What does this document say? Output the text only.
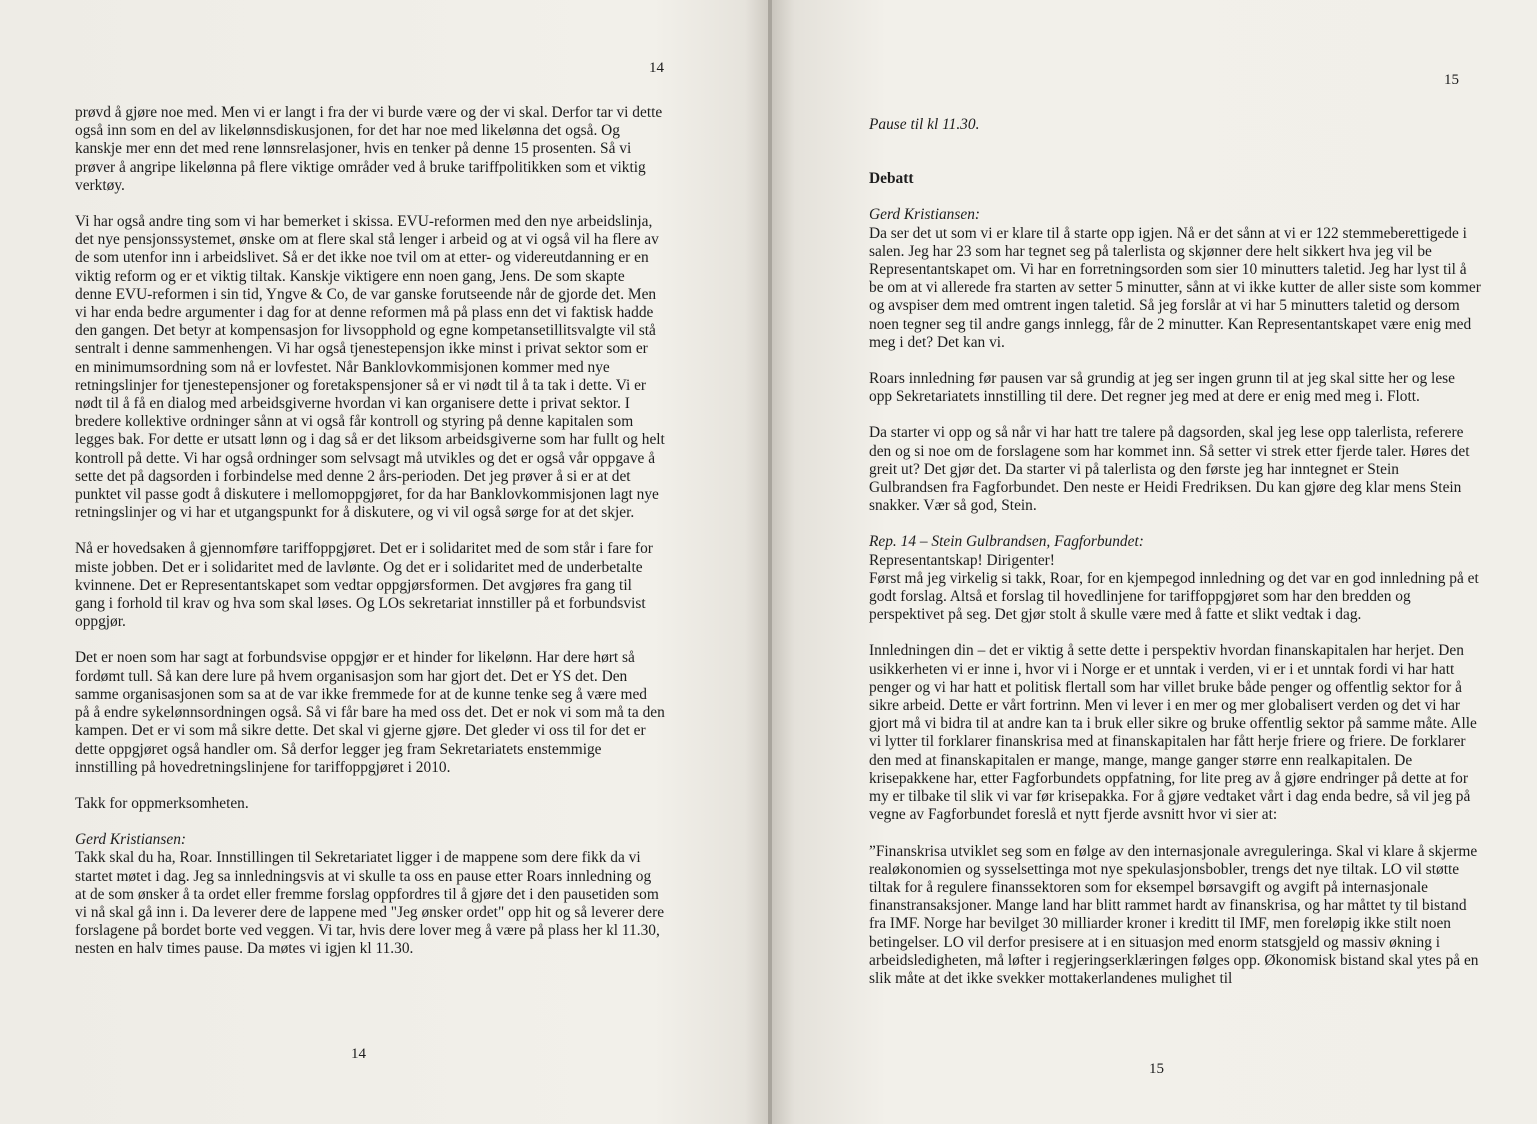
14

prøvd å gjøre noe med. Men vi er langt i fra der vi burde være og der vi skal. Derfor tar vi dette også inn som en del av likelønnsdiskusjonen, for det har noe med likelønna det også. Og kanskje mer enn det med rene lønnsrelasjoner, hvis en tenker på denne 15 prosenten. Så vi prøver å angripe likelønna på flere viktige områder ved å bruke tariffpolitikken som et viktig verktøy.

Vi har også andre ting som vi har bemerket i skissa. EVU-reformen med den nye arbeidslinja, det nye pensjonssystemet, ønske om at flere skal stå lenger i arbeid og at vi også vil ha flere av de som utenfor inn i arbeidslivet. Så er det ikke noe tvil om at etter- og videreutdanning er en viktig reform og er et viktig tiltak. Kanskje viktigere enn noen gang, Jens. De som skapte denne EVU-reformen i sin tid, Yngve & Co, de var ganske forutseende når de gjorde det. Men vi har enda bedre argumenter i dag for at denne reformen må på plass enn det vi faktisk hadde den gangen. Det betyr at kompensasjon for livsopphold og egne kompetansetillitsvalgte vil stå sentralt i denne sammenhengen. Vi har også tjenestepensjon ikke minst i privat sektor som er en minimumsordning som nå er lovfestet. Når Banklovkommisjonen kommer med nye retningslinjer for tjenestepensjoner og foretakspensjoner så er vi nødt til å ta tak i dette. Vi er nødt til å få en dialog med arbeidsgiverne hvordan vi kan organisere dette i privat sektor. I bredere kollektive ordninger sånn at vi også får kontroll og styring på denne kapitalen som legges bak. For dette er utsatt lønn og i dag så er det liksom arbeidsgiverne som har fullt og helt kontroll på dette. Vi har også ordninger som selvsagt må utvikles og det er også vår oppgave å sette det på dagsorden i forbindelse med denne 2 års-perioden. Det jeg prøver å si er at det punktet vil passe godt å diskutere i mellomoppgjøret, for da har Banklovkommisjonen lagt nye retningslinjer og vi har et utgangspunkt for å diskutere, og vi vil også sørge for at det skjer.

Nå er hovedsaken å gjennomføre tariffoppgjøret. Det er i solidaritet med de som står i fare for miste jobben. Det er i solidaritet med de lavlønte. Og det er i solidaritet med de underbetalte kvinnene. Det er Representantskapet som vedtar oppgjørsformen. Det avgjøres fra gang til gang i forhold til krav og hva som skal løses. Og LOs sekretariat innstiller på et forbundsvist oppgjør.

Det er noen som har sagt at forbundsvise oppgjør er et hinder for likelønn. Har dere hørt så fordømt tull. Så kan dere lure på hvem organisasjon som har gjort det. Det er YS det. Den samme organisasjonen som sa at de var ikke fremmede for at de kunne tenke seg å være med på å endre sykelønnsordningen også. Så vi får bare ha med oss det. Det er nok vi som må ta den kampen. Det er vi som må sikre dette. Det skal vi gjerne gjøre. Det gleder vi oss til for det er dette oppgjøret også handler om. Så derfor legger jeg fram Sekretariatets enstemmige innstilling på hovedretningslinjene for tariffoppgjøret i 2010.

Takk for oppmerksomheten.

Gerd Kristiansen:
Takk skal du ha, Roar. Innstillingen til Sekretariatet ligger i de mappene som dere fikk da vi startet møtet i dag. Jeg sa innledningsvis at vi skulle ta oss en pause etter Roars innledning og at de som ønsker å ta ordet eller fremme forslag oppfordres til å gjøre det i den pausetiden som vi nå skal gå inn i. Da leverer dere de lappene med "Jeg ønsker ordet" opp hit og så leverer dere forslagene på bordet borte ved veggen. Vi tar, hvis dere lover meg å være på plass her kl 11.30, nesten en halv times pause. Da møtes vi igjen kl 11.30.

14
15

Pause til kl 11.30.

Debatt

Gerd Kristiansen:
Da ser det ut som vi er klare til å starte opp igjen. Nå er det sånn at vi er 122 stemmeberettigede i salen. Jeg har 23 som har tegnet seg på talerlista og skjønner dere helt sikkert hva jeg vil be Representantskapet om. Vi har en forretningsorden som sier 10 minutters taletid. Jeg har lyst til å be om at vi allerede fra starten av setter 5 minutter, sånn at vi ikke kutter de aller siste som kommer og avspiser dem med omtrent ingen taletid. Så jeg forslår at vi har 5 minutters taletid og dersom noen tegner seg til andre gangs innlegg, får de 2 minutter. Kan Representantskapet være enig med meg i det? Det kan vi.

Roars innledning før pausen var så grundig at jeg ser ingen grunn til at jeg skal sitte her og lese opp Sekretariatets innstilling til dere. Det regner jeg med at dere er enig med meg i. Flott.

Da starter vi opp og så når vi har hatt tre talere på dagsorden, skal jeg lese opp talerlista, referere den og si noe om de forslagene som har kommet inn. Så setter vi strek etter fjerde taler. Høres det greit ut? Det gjør det. Da starter vi på talerlista og den første jeg har inntegnet er Stein Gulbrandsen fra Fagforbundet. Den neste er Heidi Fredriksen. Du kan gjøre deg klar mens Stein snakker. Vær så god, Stein.

Rep. 14 – Stein Gulbrandsen, Fagforbundet:
Representantskap! Dirigenter!
Først må jeg virkelig si takk, Roar, for en kjempegod innledning og det var en god innledning på et godt forslag. Altså et forslag til hovedlinjene for tariffoppgjøret som har den bredden og perspektivet på seg. Det gjør stolt å skulle være med å fatte et slikt vedtak i dag.

Innledningen din – det er viktig å sette dette i perspektiv hvordan finanskapitalen har herjet. Den usikkerheten vi er inne i, hvor vi i Norge er et unntak i verden, vi er i et unntak fordi vi har hatt penger og vi har hatt et politisk flertall som har villet bruke både penger og offentlig sektor for å sikre arbeid. Dette er vårt fortrinn. Men vi lever i en mer og mer globalisert verden og det vi har gjort må vi bidra til at andre kan ta i bruk eller sikre og bruke offentlig sektor på samme måte. Alle vi lytter til forklarer finanskrisa med at finanskapitalen har fått herje friere og friere. De forklarer den med at finanskapitalen er mange, mange, mange ganger større enn realkapitalen. De krisepakkene har, etter Fagforbundets oppfatning, for lite preg av å gjøre endringer på dette at for my er tilbake til slik vi var før krisepakka. For å gjøre vedtaket vårt i dag enda bedre, så vil jeg på vegne av Fagforbundet foreslå et nytt fjerde avsnitt hvor vi sier at:

”Finanskrisa utviklet seg som en følge av den internasjonale avreguleringa. Skal vi klare å skjerme realøkonomien og sysselsettinga mot nye spekulasjonsbobler, trengs det nye tiltak. LO vil støtte tiltak for å regulere finanssektoren som for eksempel børsavgift og avgift på internasjonale finanstransaksjoner. Mange land har blitt rammet hardt av finanskrisa, og har måttet ty til bistand fra IMF. Norge har bevilget 30 milliarder kroner i kreditt til IMF, men foreløpig ikke stilt noen betingelser. LO vil derfor presisere at i en situasjon med enorm statsgjeld og massiv økning i arbeidsledigheten, må løfter i regjeringserklæringen følges opp. Økonomisk bistand skal ytes på en slik måte at det ikke svekker mottakerlandenes mulighet til

15
